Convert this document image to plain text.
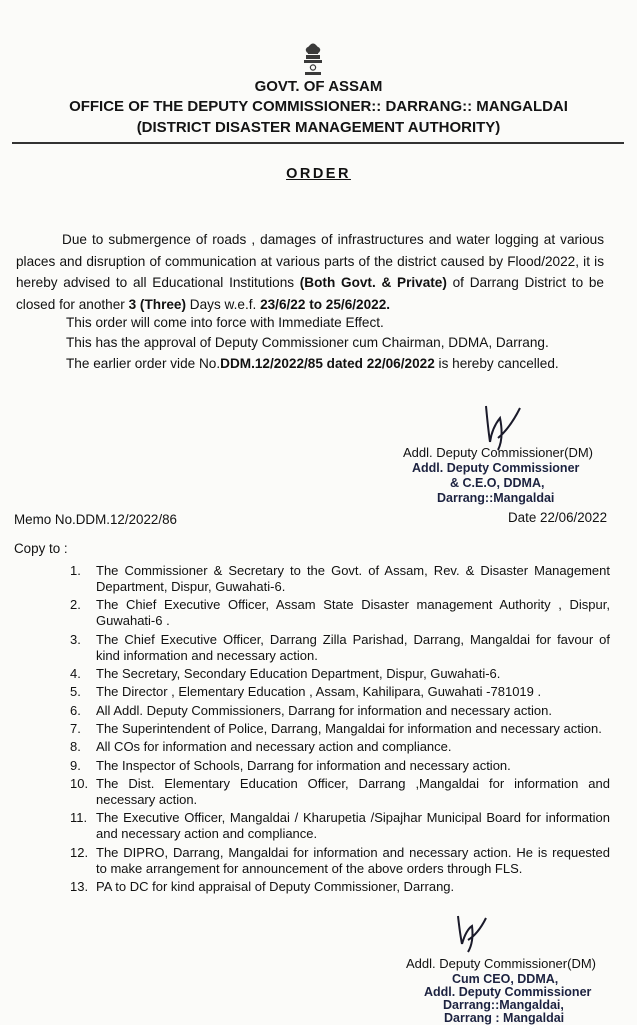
GOVT. OF ASSAM
OFFICE OF THE DEPUTY COMMISSIONER:: DARRANG:: MANGALDAI
(DISTRICT DISASTER MANAGEMENT AUTHORITY)
ORDER
Due to submergence of roads , damages of infrastructures and water logging at various places and disruption of communication at various parts of the district caused by Flood/2022, it is hereby advised to all Educational Institutions (Both Govt. & Private) of Darrang District to be closed for another 3 (Three) Days w.e.f. 23/6/22 to 25/6/2022.
This order will come into force with Immediate Effect.
This has the approval of Deputy Commissioner cum Chairman, DDMA, Darrang.
The earlier order vide No.DDM.12/2022/85 dated 22/06/2022 is hereby cancelled.
Addl. Deputy Commissioner(DM)
Addl. Deputy Commissioner
& C.E.O, DDMA,
Darrang::Mangaldai
Memo No.DDM.12/2022/86	Date 22/06/2022
Copy to :
1. The Commissioner & Secretary to the Govt. of Assam, Rev. & Disaster Management Department, Dispur, Guwahati-6.
2. The Chief Executive Officer, Assam State Disaster management Authority , Dispur, Guwahati-6 .
3. The Chief Executive Officer, Darrang Zilla Parishad, Darrang, Mangaldai for favour of kind information and necessary action.
4. The Secretary, Secondary Education Department, Dispur, Guwahati-6.
5. The Director , Elementary Education , Assam, Kahilipara, Guwahati -781019 .
6. All Addl. Deputy Commissioners, Darrang for information and necessary action.
7. The Superintendent of Police, Darrang, Mangaldai for information and necessary action.
8. All COs for information and necessary action and compliance.
9. The Inspector of Schools, Darrang for information and necessary action.
10. The Dist. Elementary Education Officer, Darrang ,Mangaldai for information and necessary action.
11. The Executive Officer, Mangaldai / Kharupetia /Sipajhar Municipal Board for information and necessary action and compliance.
12. The DIPRO, Darrang, Mangaldai for information and necessary action. He is requested to make arrangement for announcement of the above orders through FLS.
13. PA to DC for kind appraisal of Deputy Commissioner, Darrang.
Addl. Deputy Commissioner(DM)
Cum CEO, DDMA,
Addl. Deputy Commissioner
Darrang::Mangaldai,
Darrang : Mangaldai
